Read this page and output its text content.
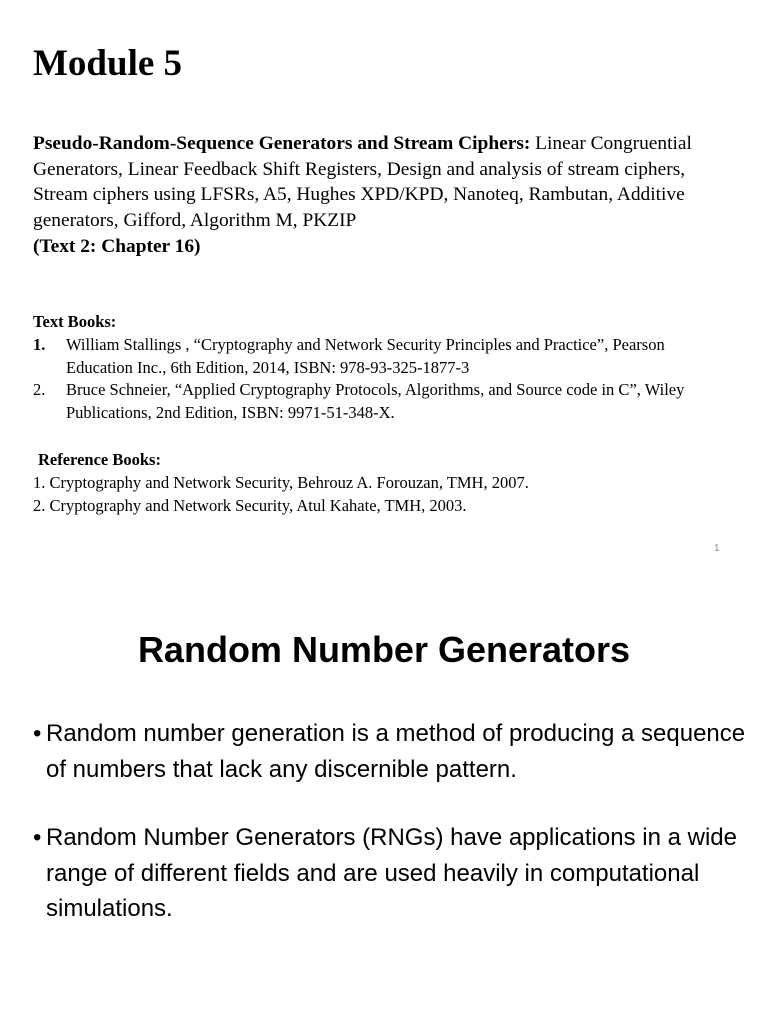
Module 5

Pseudo-Random-Sequence Generators and Stream Ciphers: Linear Congruential Generators, Linear Feedback Shift Registers, Design and analysis of stream ciphers, Stream ciphers using LFSRs, A5, Hughes XPD/KPD, Nanoteq, Rambutan, Additive generators, Gifford, Algorithm M, PKZIP

(Text 2: Chapter 16)

Text Books:
1. William Stallings , “Cryptography and Network Security Principles and Practice”, Pearson Education Inc., 6th Edition, 2014, ISBN: 978-93-325-1877-3
2. Bruce Schneier, “Applied Cryptography Protocols, Algorithms, and Source code in C”, Wiley Publications, 2nd Edition, ISBN: 9971-51-348-X.
Reference Books:
1. Cryptography and Network Security, Behrouz A. Forouzan, TMH, 2007.
2. Cryptography and Network Security, Atul Kahate, TMH, 2003.
1
Random Number Generators
• Random number generation is a method of producing a sequence of numbers that lack any discernible pattern.
• Random Number Generators (RNGs) have applications in a wide range of different fields and are used heavily in computational simulations.
